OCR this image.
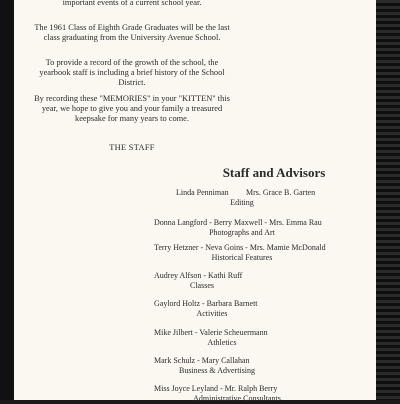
important events of a current school year.

The 1961 Class of Eighth Grade Graduates will be the last class graduating from the University Avenue School.

To provide a record of the growth of the school, the yearbook staff is including a brief history of the School District.

By recording these "MEMORIES" in your "KITTEN" this year, we hope to give you and your family a treasured keepsake for many years to come.

THE STAFF
Staff and Advisors
Linda Penniman Mrs. Grace B. Garten
Editing
Donna Langford - Berry Maxwell - Mrs. Emma Rau
Photographs and Art
Terry Hetzner - Neva Goins - Mrs. Mamie McDonald
Historical Features
Audrey Alfson - Kathi Ruff
Classes
Gaylord Holtz - Barbara Barnett
Activities
Mike Jilbert - Valerie Scheuermann
Athletics
Mark Schulz - Mary Callahan
Business & Advertising
Miss Joyce Leyland - Mr. Ralph Berry
Administrative Consultants
